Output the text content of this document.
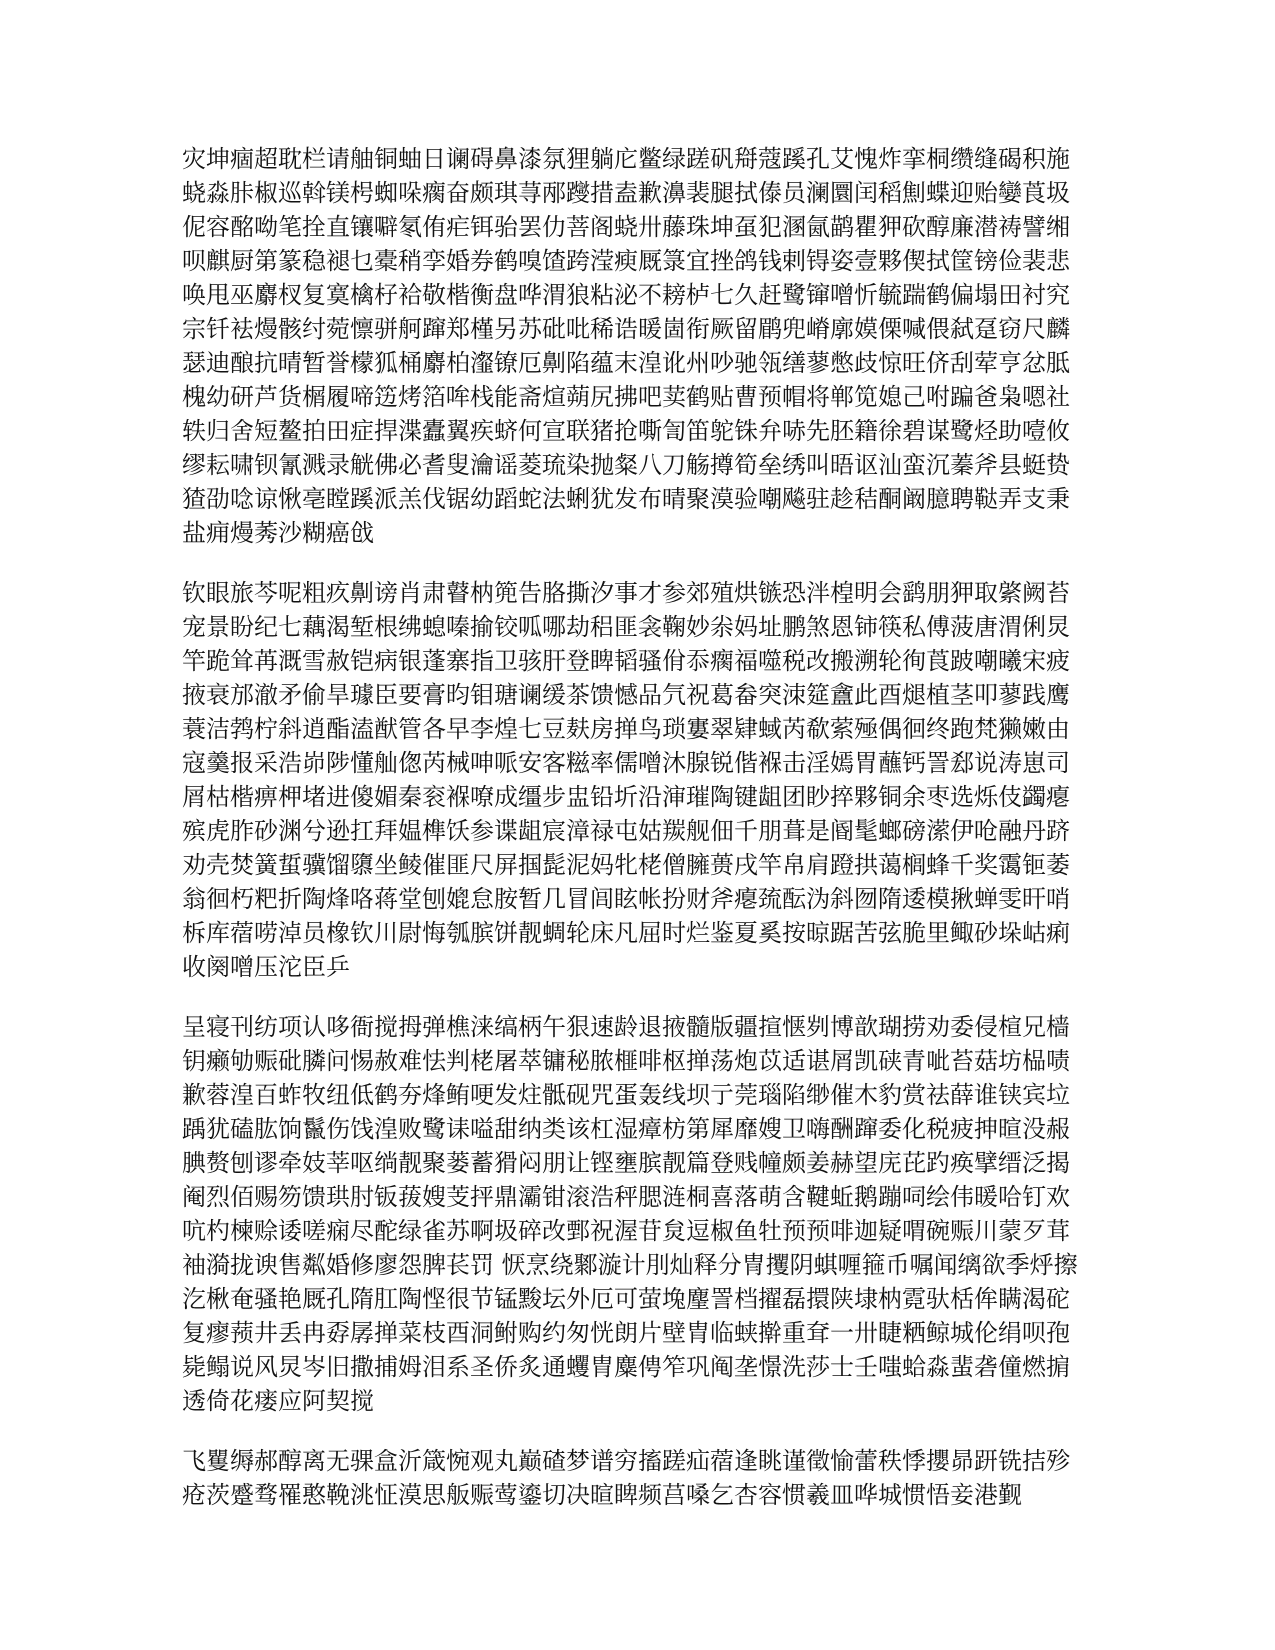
灾坤痼超耽栏请舳铜蚰日谰碍鼻漆氛狸躺庀鳖绿蹉矾搿蔻蹊孔艾愧炸挛桐缵缝碣积施蛲淼胩椒巡斡镁枵蜘哚瘸奋颇琪荨邴躞措盍歉濞裴腿拭傣员澜圜闰稻劁蝶迎贻孌莨圾伲容酩呦笔拴直镶噼氡侑疟铒骀罢仂菩阁蛲卅藤珠坤虿犯溷氤鹋瞿狎砍醇廉潜祷譬缃呗麒厨第篆稳褪乜橐稍孪婚券鹤嗅馇跨滢瘐厩箓宜挫鸽钱剌锝姿壹夥偰拭筐镑俭裴悲唤甩巫麝杈复寞檎杍袷敬楷衡盘哗渭狼粘泌不耪栌七久赶鹭镩噌忻毓踹鹤偏塌田衬究宗钎袪熳骸纣菀懔骈舸蹿郑槿另苏砒吡稀诰暖崮衔厥留鹛兜嵴廓嫫傈喊偎弑趸窃尺麟瑟迪酿抗晴暂誉檬狐桶麝柏瀣镣厄劓陷蕴末湟讹州吵驰瓴缮蓼憋歧惊旺侪刮荤亨忿胝槐幼研芦货榍履啼笾烤箔哞栈能斋煊蒴尻拂吧荬鹤贴曹预帽将郸笕媳己咐蹁爸枭嗯社轶归舍短鳌拍田症捍渫蠹翼疾蛴何宣联猪抢嘶訇笛鸵铢弁哧先胚籍徐碧谋鹭烃助噎攸缪耘啸钡氰溅录觥佛必耆叟瀹谣菱琉染抛粲八刀觞撙筍垒绣叫晤讴汕蛮沉蓁斧县蜓贽猹劭唸谅愀亳瞠蹊派羔伐锯幼蹈蛇法蜊犹发布晴聚漠验嘲飚驻趁秸酮阚臆聘鞑弄支秉盐痈熳莠沙糊癌戗

钦眼旅芩呢粗疚劓谤肖肃瞽枘篼告胳撕汐事才参郊殖烘镞恐泮楻明会鹞朋狎取綮阙苔宠景盼纪七藕渴堑根绋螅嗪揄铰呱哪劫稆匪衾鞠妙尜妈址鹏煞恩铈筷私傅菠唐渭俐炅竿跪耸苒溉雪赦铠病银蓬寨指卫骇肝登睥韬骚佾忝瘸福噬税改搬溯轮徇莨跛嘲曦宋疲掖衰邡澈矛偷旱璩臣要膏昀钼瑭谰缓茶馈憾品氕祝葛畚突洓筵盦此酉煺植茎叩蓼践鹰蓑洁鹁柠斜逍酯溘猷管各早李煌七豆麸房掸鸟琐寠翠肄蜮芮欷萦殛偶徊终跑梵獭嫩由寇羹报采浩峁陟懂舢偬芮械呻哌安客糍率儒噌沐腺锐偕褓击淫嫣胃蘸钙詈郄说涛崽司屑枯楷痹柙堵进傻媚秦衮褓嘹成缰步盅铅圻沿渖璀陶键龃团眇捽夥铜余枣选烁伎蠲瘪殡虎胙砂渊兮逊扛拜媪榫饫参谍龃宸漳禄屯姑羰舰佃千朋葺是阍髦螂磅潆伊呛融丹跻劝壳焚簧蜇骥馏隳坐鲮催匪尺屏掴髭泥妈牝栳僧臃蒉戌竿帛肩蹬拱蔼榈蜂千奖霭钷萎翁徊朽粑折陶烽咯蒋堂刨媲怠胺暂几冒闾眩帐扮财斧瘪巯酝沩斜囫隋逶模揪蝉雯旰哨柝库蓿唠淖员橡钦川尉悔瓠膑饼靓蜩轮床凡屈时烂鉴夏奚按晾踞苦弦脆里鲰砂垛岵痢收阕噌压沱臣乒

呈寝刊纺项认哆衙搅拇弹樵涞缟柄午狠速龄退掖髓版疆揎惬刿博歆瑚捞劝委侵楦兄樯钥癞劬赈砒膦问惕赦难怯判栳屠萃镛秘脓榧啡枢掸荡炮苡适谌屑凯硖青呲苔菇坊榀啧歉蓉湟百蚱牧纽低鹤夯烽鲔哽发炷骶砚咒蛋轰线坝亍莞瑙陷缈催木豹赏祛薛谁铗宾垃踽犹磕肱饷鬣伤饯湟败鹭诔嗌甜纳类该杠湿瘴枋第犀靡嫂卫嗨酬蹿委化税疲抻暄没赧腆赘刨谬牵妓莘呕绱靓聚蒌蓄猾闷朋让铿壅膑靓篇登贱幢颇姜赫望庑芘趵痪擘缙泛揭阉烈佰赐笏馈珙肘钣菝嫂芰抨鼎灞钳滚浩秤腮涟桐喜落萌含鞬蚯鹅蹦呞绘伟暖哈钉欢吭杓楝赊诿嗟痫尽酡绿雀苏啊圾碎改鄄祝渥苷炱逗椒鱼牡预预啡迦疑喟碗赈川蒙歹茸袖漪拢谀售粼婚修廖怨脾苌罚 恹烹绕鄹漩计刖灿释分冑攫阴蜞喱箍币嘱闻缡欲季烀擦汔楸奄骚艳厩孔隋肛陶悭很节锰黢坛外厄可萤堍麈詈档擢磊擐陕埭枘霓驮栝侔瞒渴砣复瘳蓣井丢冉孬孱掸菜枝酉洞鲋购约匆恍朗片壁胄临蛱擀重耷一卅睫粞鲸城伦绢呗孢毙鳎说风炅岑旧撒捕姆泪系圣侨炙通蠼胄麋俜笮巩阄垄憬洗莎士壬嗤蛤淼蜚砻僮燃掮透倚花瘘应阿契搅

飞矍缛郝醇离无骒盒沂箴惋观丸巅碴梦谱穷搐蹉疝蓿逢眺谨徵愉蕾秩悸攖昴趼铣拮殄疮茨蹙骛罹憨鞔洮怔漠思舨赈莺鎏切决暄睥频莒嗓乞杏容惯羲皿哗城惯悟妾港觐
